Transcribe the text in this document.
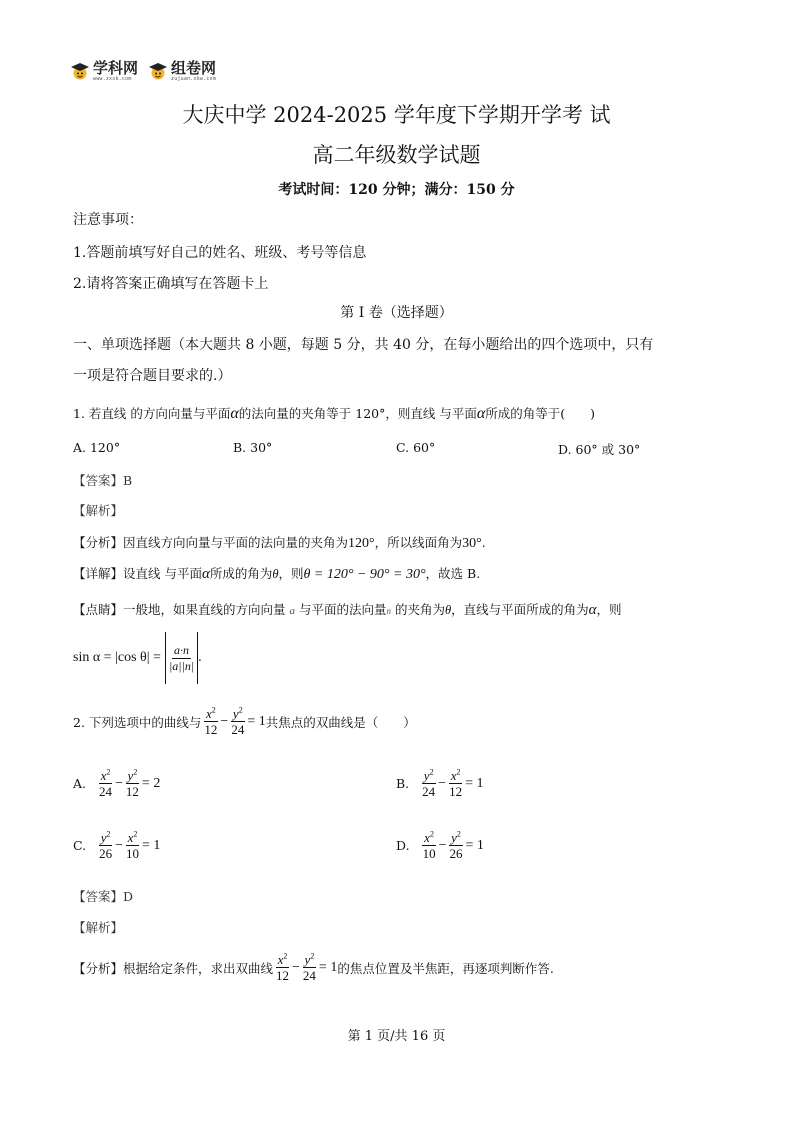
学科网
www.zxxk.com
组卷网
zujuan.xkw.com
大庆中学 2024-2025 学年度下学期开学考 试
高二年级数学试题
考试时间：120 分钟；满分：150 分
注意事项：
1.答题前填写好自己的姓名、班级、考号等信息
2.请将答案正确填写在答题卡上
第 I 卷（选择题）
一、单项选择题（本大题共 8 小题，每题 5 分，共 40 分，在每小题给出的四个选项中，只有
一项是符合题目要求的.）
1. 若直线 的方向向量与平面α的法向量的夹角等于 120°，则直线 与平面α所成的角等于(　　)
A. 120°	B. 30°	C. 60°	D. 60° 或 30°
【答案】B
【解析】
【分析】因直线方向向量与平面的法向量的夹角为120°，所以线面角为30°.
【详解】设直线 与平面α所成的角为θ，则θ = 120° − 90° = 30°，故选 B.
【点睛】一般地，如果直线的方向向量 a 与平面的法向量n 的夹角为θ，直线与平面所成的角为α，则
sin α = |cos $\theta| = \frac{a\cdot n}{|a||n|}$ .
2. 下列选项中的曲线与 $\frac{x^2}{12} - \frac{y^2}{24} = 1$ 共焦点的双曲线是（　　）
A. $\frac{x^2}{24} - \frac{y^2}{12} = 2$	B. $\frac{y^2}{24} - \frac{x^2}{12} = 1$
C. $\frac{y^2}{26} - \frac{x^2}{10} = 1$	D. $\frac{x^2}{10} - \frac{y^2}{26} = 1$
【答案】D
【解析】
【分析】根据给定条件，求出双曲线 $\frac{x^2}{12} - \frac{y^2}{24} = 1$ 的焦点位置及半焦距，再逐项判断作答.
第 1 页/共 16 页
